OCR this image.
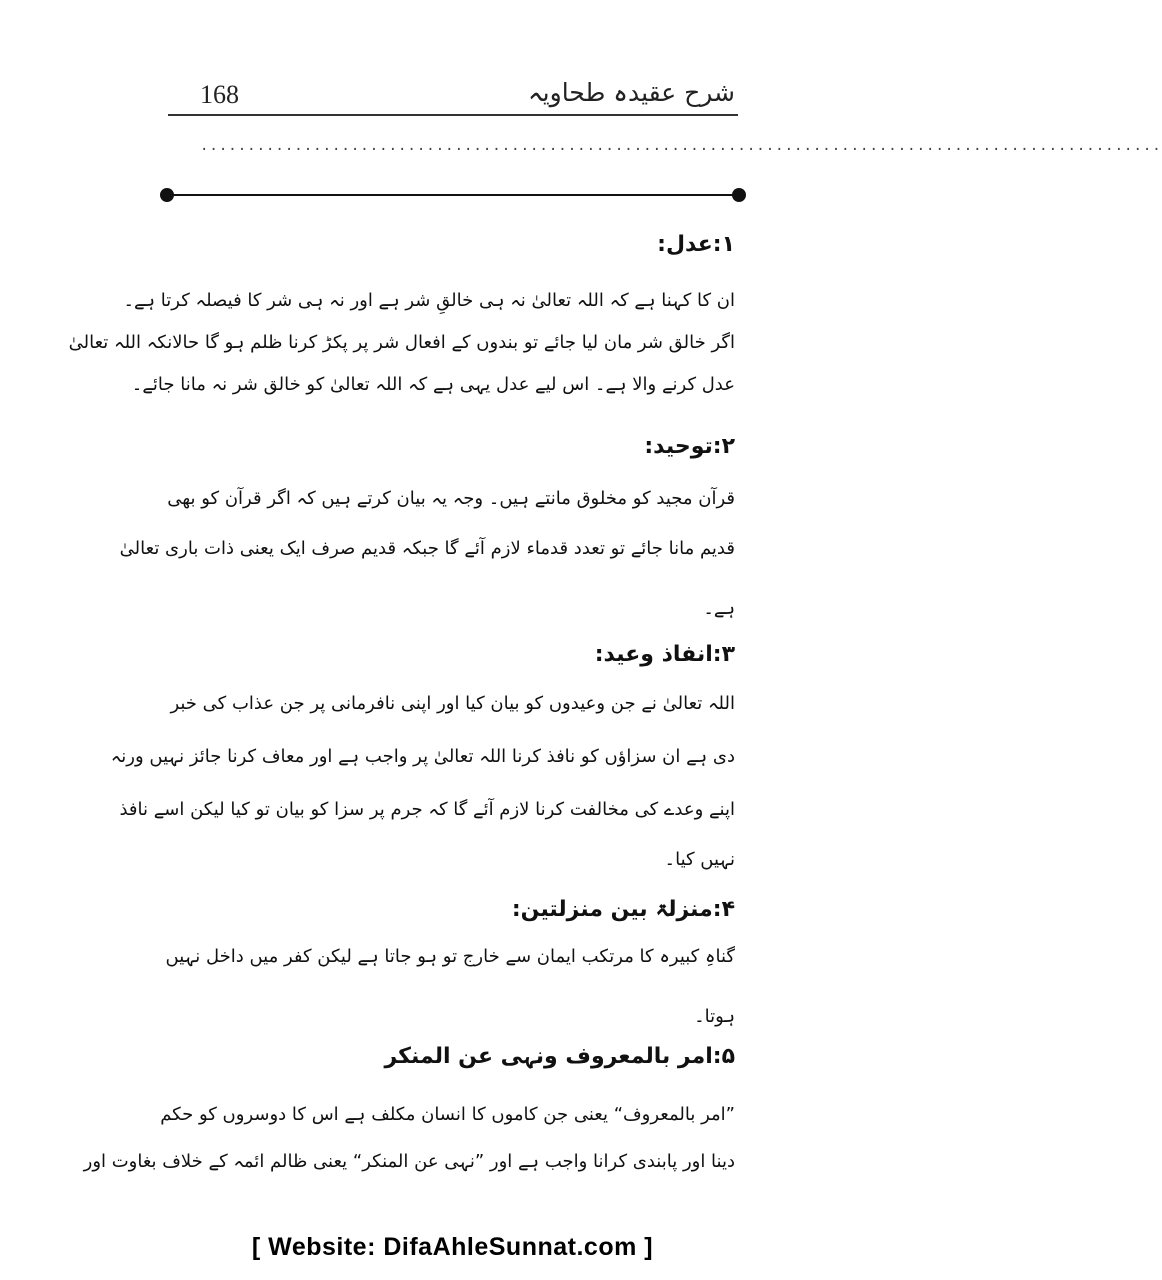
168	شرح عقیدہ طحاویہ
......................................................................................................
۱:عدل:
ان کا کہنا ہے کہ اللہ تعالیٰ نہ ہی خالقِ شر ہے اور نہ ہی شر کا فیصلہ کرتا ہے۔
اگر خالق شر مان لیا جائے تو بندوں کے افعال شر پر پکڑ کرنا ظلم ہو گا حالانکہ اللہ تعالیٰ
عدل کرنے والا ہے۔ اس لیے عدل یہی ہے کہ اللہ تعالیٰ کو خالق شر نہ مانا جائے۔
۲:توحید:
قرآن مجید کو مخلوق مانتے ہیں۔ وجہ یہ بیان کرتے ہیں کہ اگر قرآن کو بھی
قدیم مانا جائے تو تعدد قدماء لازم آئے گا جبکہ قدیم صرف ایک یعنی ذات باری تعالیٰ
ہے۔
۳:انفاذ وعید:
اللہ تعالیٰ نے جن وعیدوں کو بیان کیا اور اپنی نافرمانی پر جن عذاب کی خبر
دی ہے ان سزاؤں کو نافذ کرنا اللہ تعالیٰ پر واجب ہے اور معاف کرنا جائز نہیں ورنہ
اپنے وعدے کی مخالفت کرنا لازم آئے گا کہ جرم پر سزا کو بیان تو کیا لیکن اسے نافذ
نہیں کیا۔
۴:منزلۃ بین منزلتین:
گناہِ کبیرہ کا مرتکب ایمان سے خارج تو ہو جاتا ہے لیکن کفر میں داخل نہیں
ہوتا۔
۵:امر بالمعروف ونہی عن المنکر
”امر بالمعروف“ یعنی جن کاموں کا انسان مکلف ہے اس کا دوسروں کو حکم
دینا اور پابندی کرانا واجب ہے اور ”نہی عن المنکر“ یعنی ظالم ائمہ کے خلاف بغاوت اور
[ Website: DifaAhleSunnat.com ]
